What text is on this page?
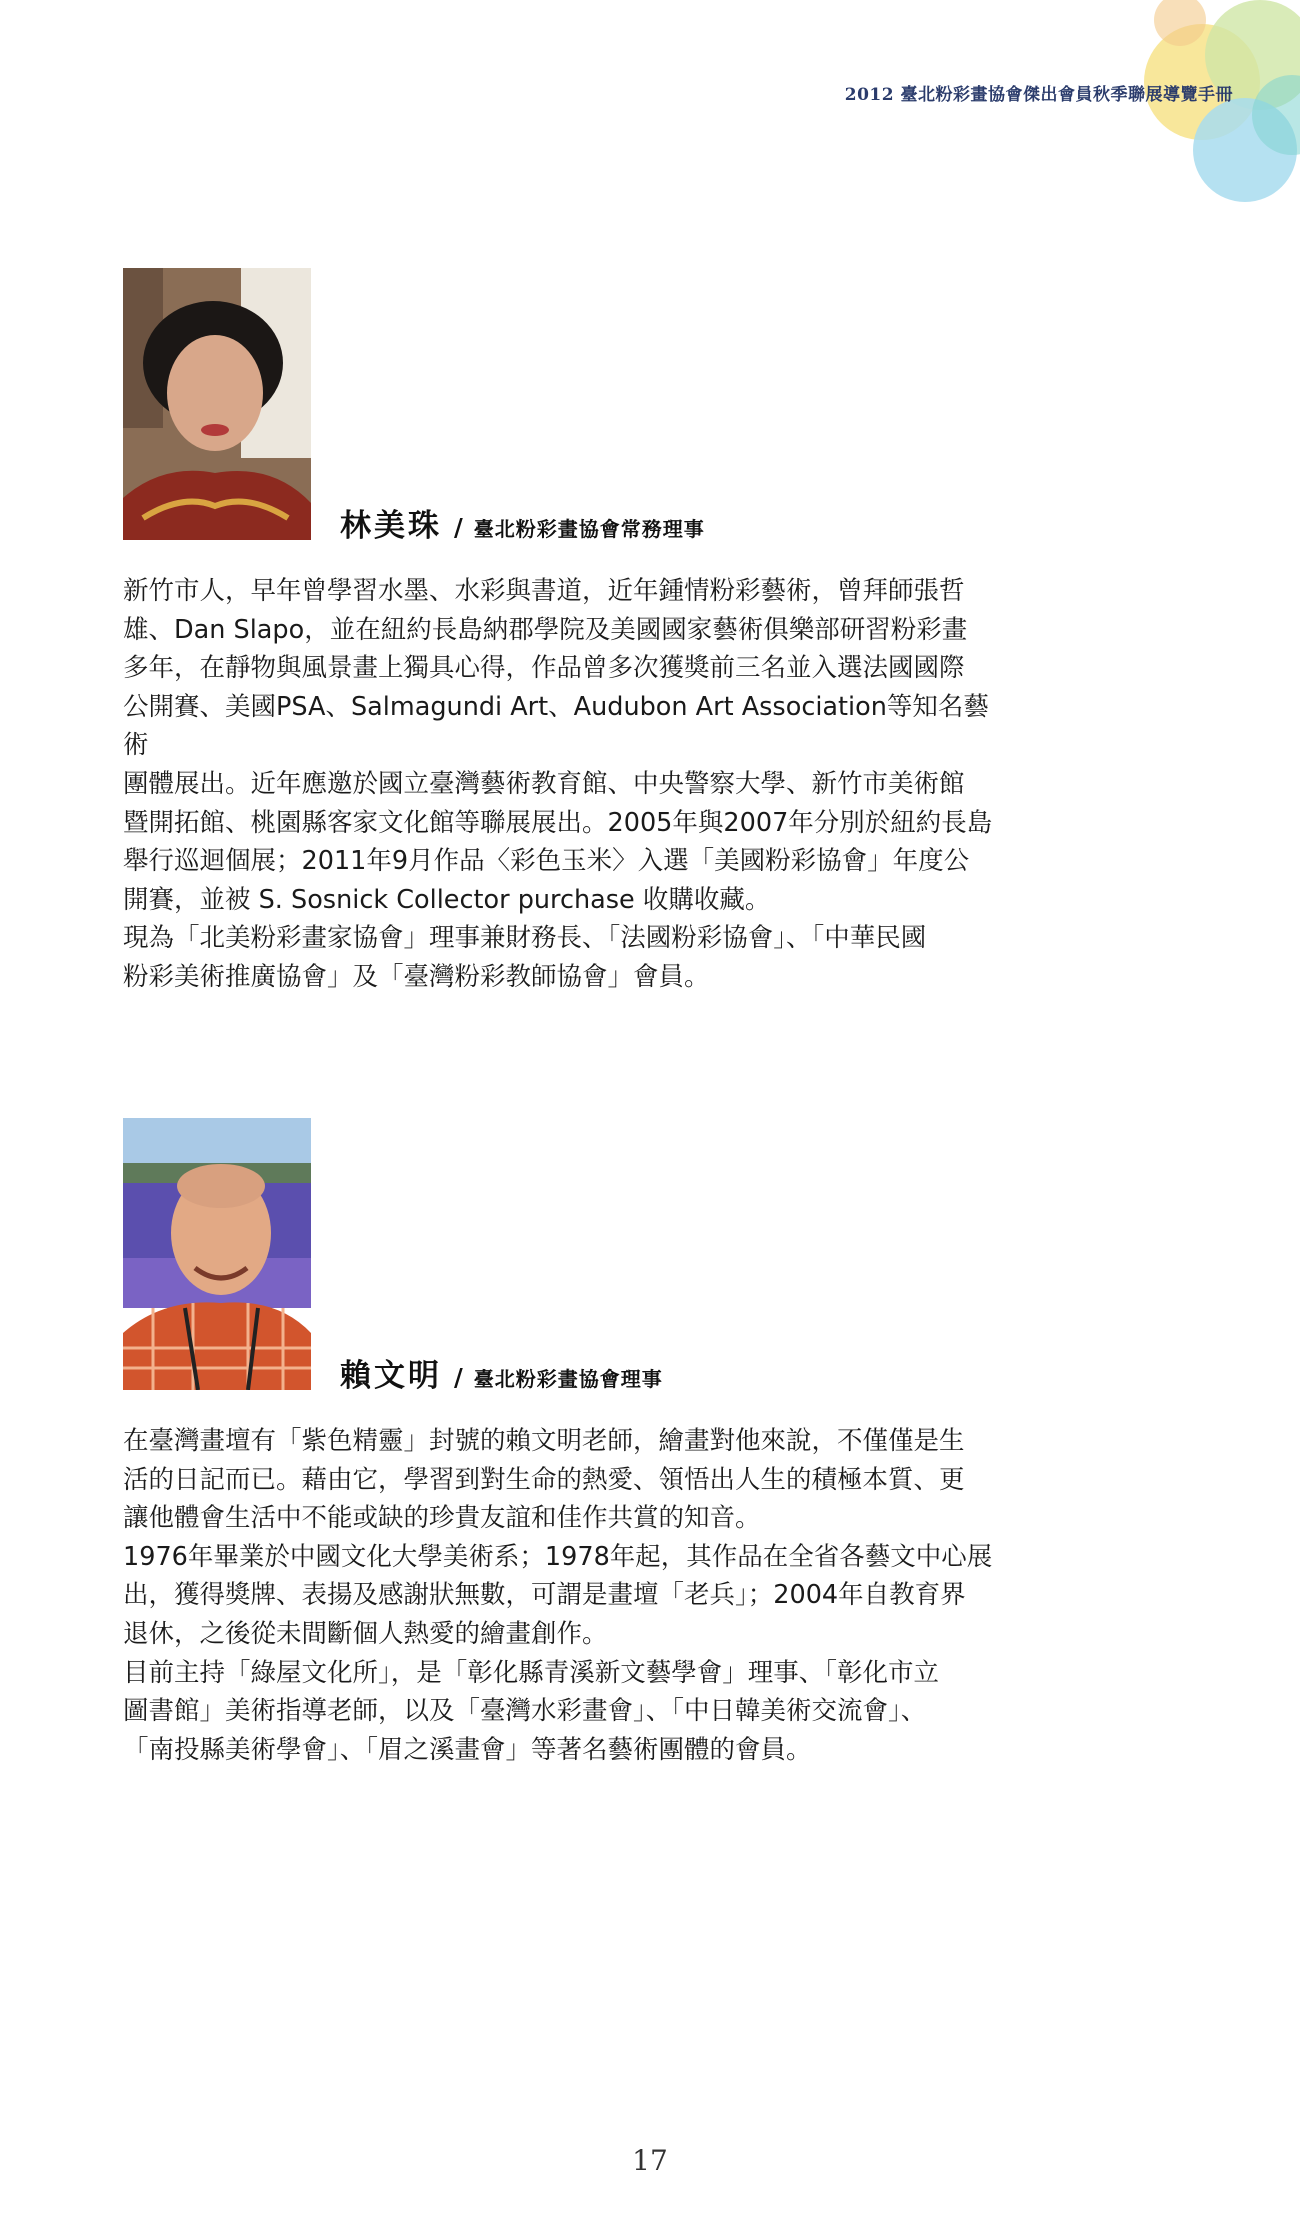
2012 臺北粉彩畫協會傑出會員秋季聯展導覽手冊
林美珠 / 臺北粉彩畫協會常務理事

新竹市人，早年曾學習水墨、水彩與書道，近年鍾情粉彩藝術，曾拜師張哲
雄、Dan Slapo，並在紐約長島納郡學院及美國國家藝術俱樂部研習粉彩畫
多年，在靜物與風景畫上獨具心得，作品曾多次獲獎前三名並入選法國國際
公開賽、美國PSA、Salmagundi Art、Audubon Art Association等知名藝術
團體展出。近年應邀於國立臺灣藝術教育館、中央警察大學、新竹市美術館
暨開拓館、桃園縣客家文化館等聯展展出。2005年與2007年分別於紐約長島
舉行巡迴個展；2011年9月作品〈彩色玉米〉入選「美國粉彩協會」年度公
開賽，並被 S. Sosnick Collector purchase 收購收藏。

現為「北美粉彩畫家協會」理事兼財務長、「法國粉彩協會」、「中華民國
粉彩美術推廣協會」及「臺灣粉彩教師協會」會員。

賴文明 / 臺北粉彩畫協會理事

在臺灣畫壇有「紫色精靈」封號的賴文明老師，繪畫對他來說，不僅僅是生
活的日記而已。藉由它，學習到對生命的熱愛、領悟出人生的積極本質、更
讓他體會生活中不能或缺的珍貴友誼和佳作共賞的知音。

1976年畢業於中國文化大學美術系；1978年起，其作品在全省各藝文中心展
出，獲得獎牌、表揚及感謝狀無數，可謂是畫壇「老兵」；2004年自教育界
退休，之後從未間斷個人熱愛的繪畫創作。

目前主持「綠屋文化所」，是「彰化縣青溪新文藝學會」理事、「彰化市立
圖書館」美術指導老師，以及「臺灣水彩畫會」、「中日韓美術交流會」、
「南投縣美術學會」、「眉之溪畫會」等著名藝術團體的會員。

17
